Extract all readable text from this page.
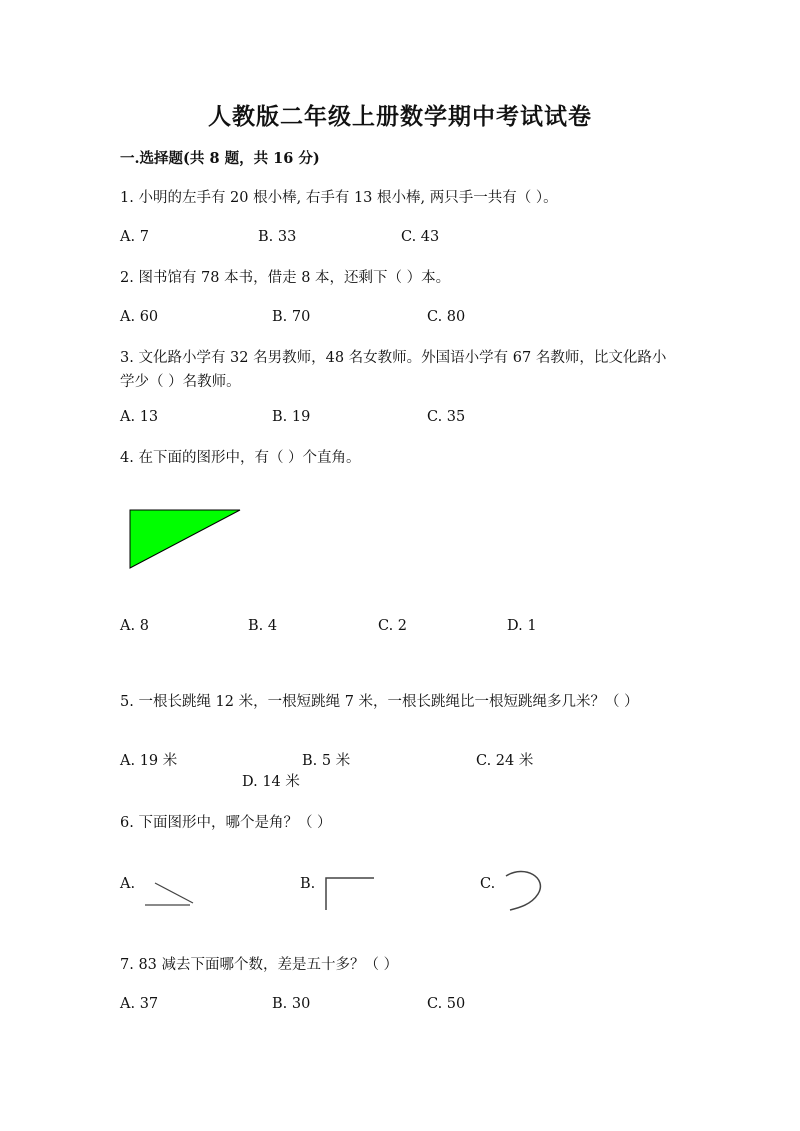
人教版二年级上册数学期中考试试卷
一.选择题(共 8 题，共 16 分)
1. 小明的左手有 20 根小棒, 右手有 13 根小棒, 两只手一共有（ ）。
A. 7	B. 33	C. 43
2. 图书馆有 78 本书，借走 8 本，还剩下（ ）本。
A. 60	B. 70	C. 80
3. 文化路小学有 32 名男教师，48 名女教师。外国语小学有 67 名教师，比文化路小学少（ ）名教师。
A. 13	B. 19	C. 35
4. 在下面的图形中，有（ ）个直角。
A. 8	B. 4	C. 2	D. 1
5. 一根长跳绳 12 米，一根短跳绳 7 米，一根长跳绳比一根短跳绳多几米？（ ）
A. 19 米	B. 5 米	C. 24 米
D. 14 米
6. 下面图形中，哪个是角？（ ）
A.	B.	C.
7. 83 减去下面哪个数，差是五十多？（ ）
A. 37	B. 30	C. 50
